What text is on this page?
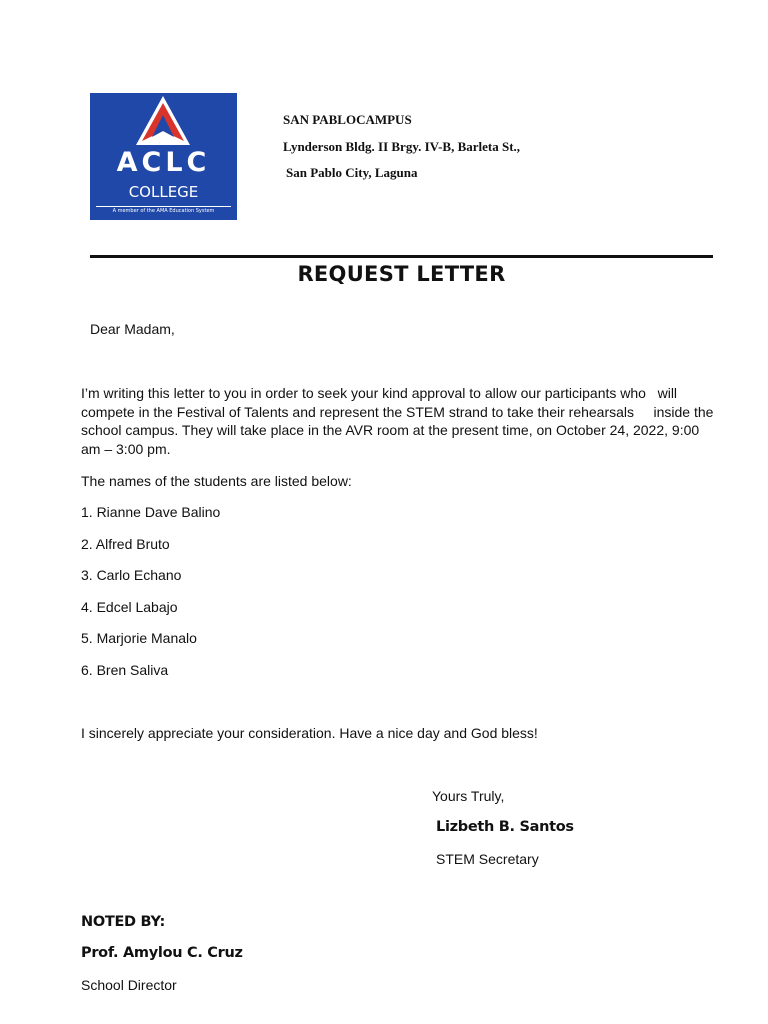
ACLC
COLLEGE
A member of the AMA Education System
SAN PABLOCAMPUS
Lynderson Bldg. II Brgy. IV-B, Barleta St.,
San Pablo City, Laguna
REQUEST LETTER
Dear Madam,
I’m writing this letter to you in order to seek your kind approval to allow our participants who   will
compete in the Festival of Talents and represent the STEM strand to take their rehearsals     inside the
school campus. They will take place in the AVR room at the present time, on October 24, 2022, 9:00
am – 3:00 pm.
The names of the students are listed below:
1. Rianne Dave Balino
2. Alfred Bruto
3. Carlo Echano
4. Edcel Labajo
5. Marjorie Manalo
6. Bren Saliva
I sincerely appreciate your consideration. Have a nice day and God bless!
Yours Truly,
Lizbeth B. Santos
STEM Secretary
NOTED BY:
Prof. Amylou C. Cruz
School Director
